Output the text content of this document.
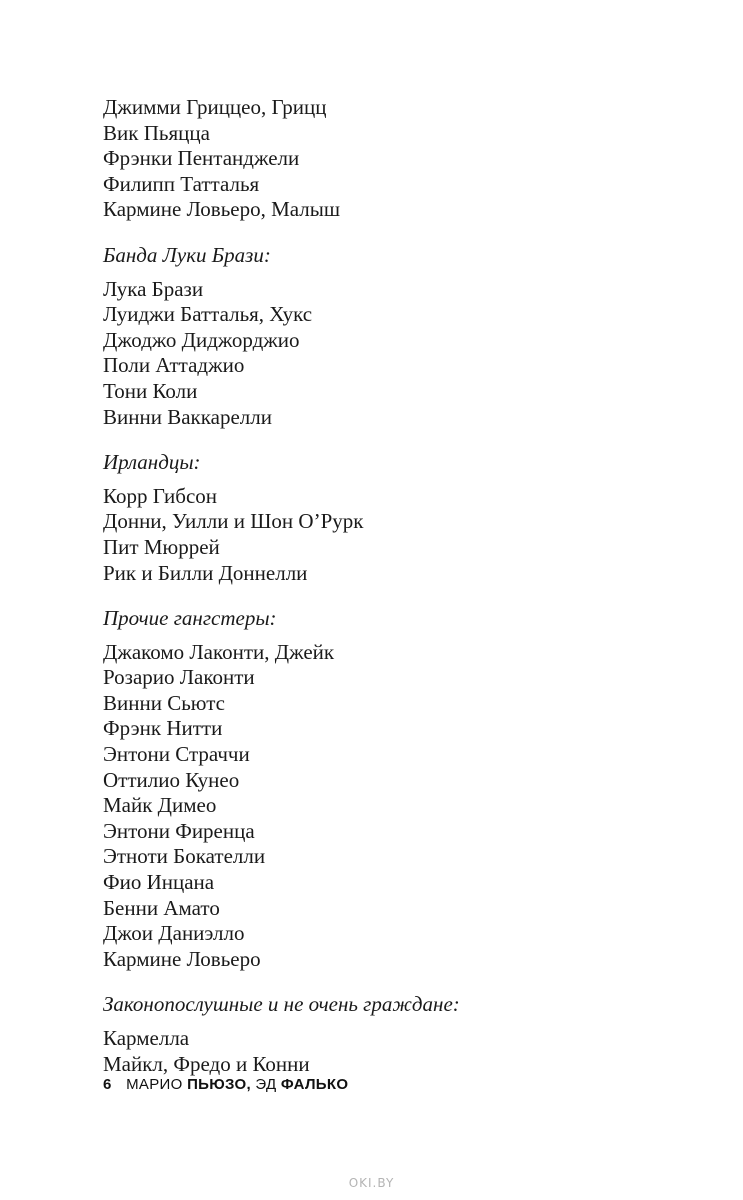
Джимми Гриццео, Грицц
Вик Пьяцца
Фрэнки Пентанджели
Филипп Татталья
Кармине Ловьеро, Малыш

Банда Луки Брази:

Лука Брази
Луиджи Батталья, Хукс
Джоджо Диджорджио
Поли Аттаджио
Тони Коли
Винни Ваккарелли

Ирландцы:

Корр Гибсон
Донни, Уилли и Шон О’Рурк
Пит Мюррей
Рик и Билли Доннелли

Прочие гангстеры:

Джакомо Лаконти, Джейк
Розарио Лаконти
Винни Сьютс
Фрэнк Нитти
Энтони Страччи
Оттилио Кунео
Майк Димео
Энтони Фиренца
Этноти Бокателли
Фио Инцана
Бенни Амато
Джои Даниэлло
Кармине Ловьеро

Законопослушные и не очень граждане:

Кармелла
Майкл, Фредо и Конни
6 МАРИО ПЬЮЗО, ЭД ФАЛЬКО
OKI.BY
